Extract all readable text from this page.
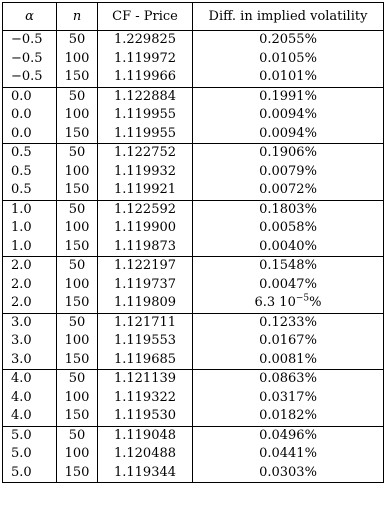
α	n	CF - Price	Diff. in implied volatility
−0.5	50	1.229825	0.2055%
−0.5	100	1.119972	0.0105%
−0.5	150	1.119966	0.0101%
0.0	50	1.122884	0.1991%
0.0	100	1.119955	0.0094%
0.0	150	1.119955	0.0094%
0.5	50	1.122752	0.1906%
0.5	100	1.119932	0.0079%
0.5	150	1.119921	0.0072%
1.0	50	1.122592	0.1803%
1.0	100	1.119900	0.0058%
1.0	150	1.119873	0.0040%
2.0	50	1.122197	0.1548%
2.0	100	1.119737	0.0047%
2.0	150	1.119809	6.3 $10^{-5}\%$
3.0	50	1.121711	0.1233%
3.0	100	1.119553	0.0167%
3.0	150	1.119685	0.0081%
4.0	50	1.121139	0.0863%
4.0	100	1.119322	0.0317%
4.0	150	1.119530	0.0182%
5.0	50	1.119048	0.0496%
5.0	100	1.120488	0.0441%
5.0	150	1.119344	0.0303%
